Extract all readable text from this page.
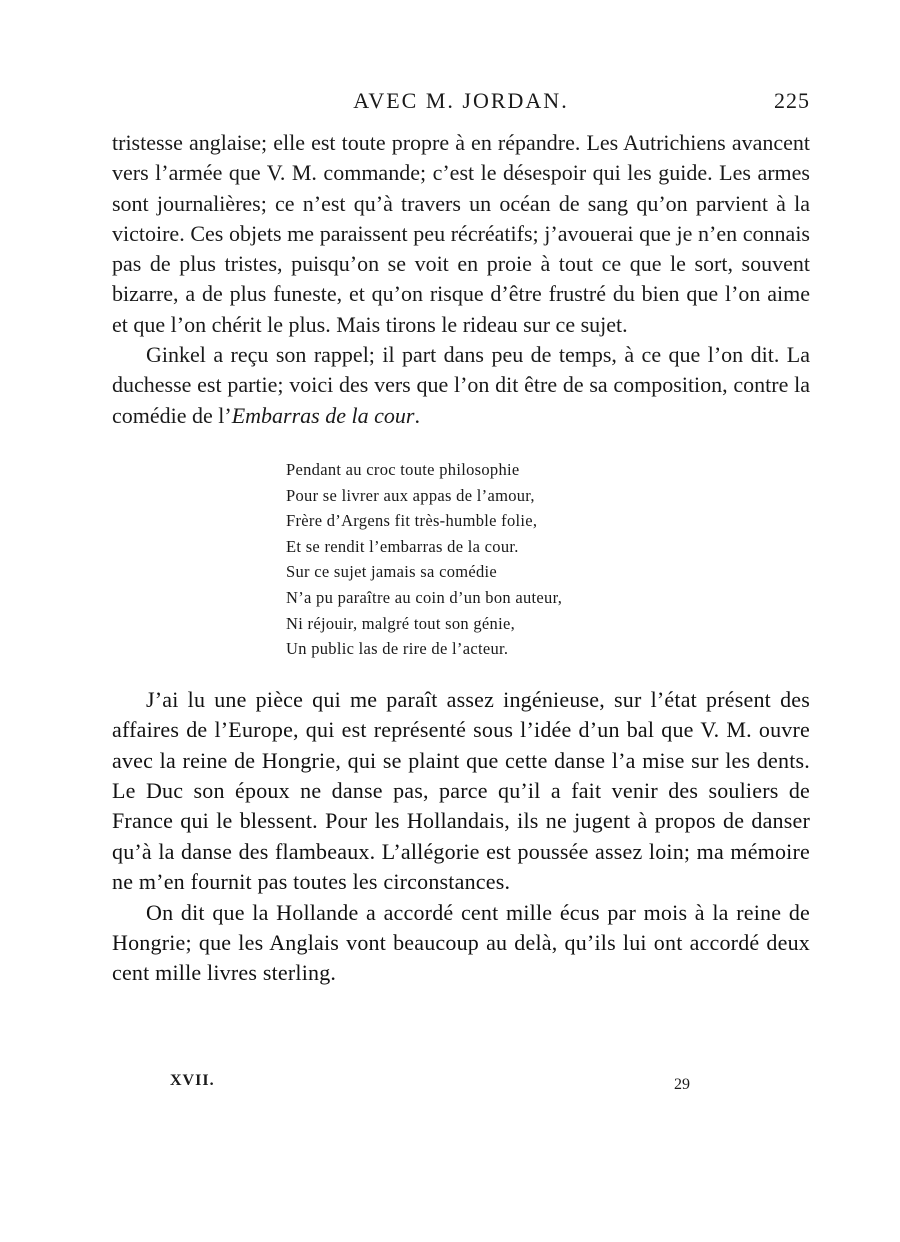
AVEC M. JORDAN.	225

tristesse anglaise; elle est toute propre à en répandre. Les Autrichiens avancent vers l’armée que V. M. commande; c’est le désespoir qui les guide. Les armes sont journalières; ce n’est qu’à travers un océan de sang qu’on parvient à la victoire. Ces objets me paraissent peu récréatifs; j’avouerai que je n’en connais pas de plus tristes, puisqu’on se voit en proie à tout ce que le sort, souvent bizarre, a de plus funeste, et qu’on risque d’être frustré du bien que l’on aime et que l’on chérit le plus. Mais tirons le rideau sur ce sujet.

Ginkel a reçu son rappel; il part dans peu de temps, à ce que l’on dit. La duchesse est partie; voici des vers que l’on dit être de sa composition, contre la comédie de l’Embarras de la cour.

Pendant au croc toute philosophie
Pour se livrer aux appas de l’amour,
Frère d’Argens fit très-humble folie,
Et se rendit l’embarras de la cour.
Sur ce sujet jamais sa comédie
N’a pu paraître au coin d’un bon auteur,
Ni réjouir, malgré tout son génie,
Un public las de rire de l’acteur.

J’ai lu une pièce qui me paraît assez ingénieuse, sur l’état présent des affaires de l’Europe, qui est représenté sous l’idée d’un bal que V. M. ouvre avec la reine de Hongrie, qui se plaint que cette danse l’a mise sur les dents. Le Duc son époux ne danse pas, parce qu’il a fait venir des souliers de France qui le blessent. Pour les Hollandais, ils ne jugent à propos de danser qu’à la danse des flambeaux. L’allégorie est poussée assez loin; ma mémoire ne m’en fournit pas toutes les circonstances.

On dit que la Hollande a accordé cent mille écus par mois à la reine de Hongrie; que les Anglais vont beaucoup au delà, qu’ils lui ont accordé deux cent mille livres sterling.

XVII.	29
